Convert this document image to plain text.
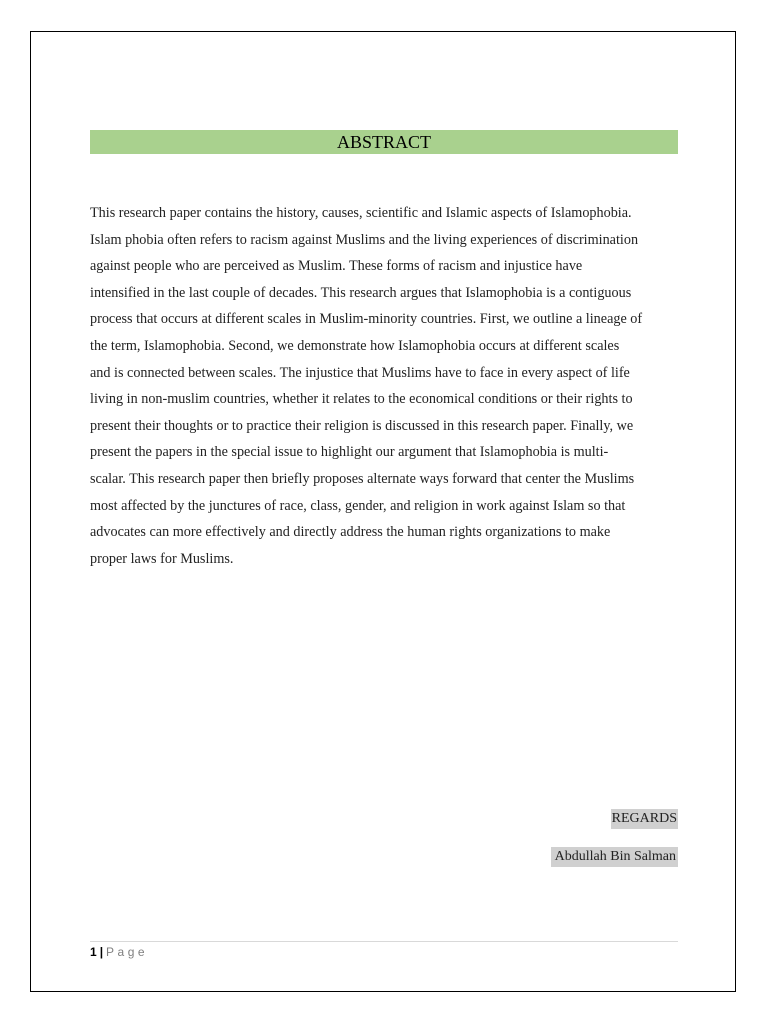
ABSTRACT
This research paper contains the history, causes, scientific and Islamic aspects of Islamophobia.
Islam phobia often refers to racism against Muslims and the living experiences of discrimination
against people who are perceived as Muslim. These forms of racism and injustice have
intensified in the last couple of decades. This research argues that Islamophobia is a contiguous
process that occurs at different scales in Muslim-minority countries. First, we outline a lineage of
the term, Islamophobia. Second, we demonstrate how Islamophobia occurs at different scales
and is connected between scales. The injustice that Muslims have to face in every aspect of life
living in non-muslim countries, whether it relates to the economical conditions or their rights to
present their thoughts or to practice their religion is discussed in this research paper. Finally, we
present the papers in the special issue to highlight our argument that Islamophobia is multi-
scalar. This research paper then briefly proposes alternate ways forward that center the Muslims
most affected by the junctures of race, class, gender, and religion in work against Islam so that
advocates can more effectively and directly address the human rights organizations to make
proper laws for Muslims.
REGARDS
Abdullah Bin Salman
1 | Page
